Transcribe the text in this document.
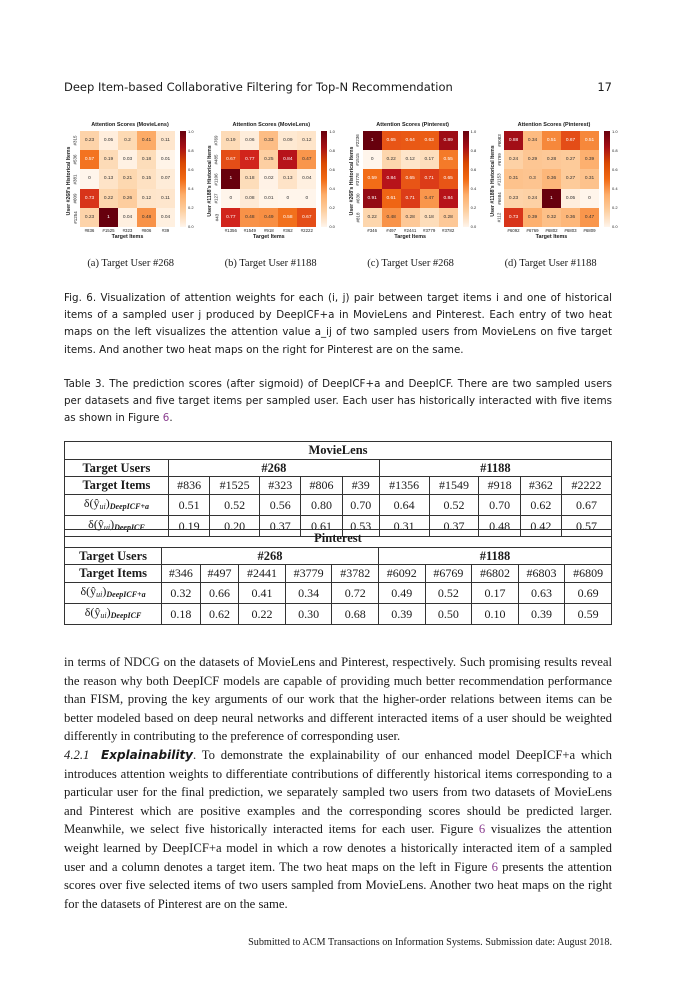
Deep Item-based Collaborative Filtering for Top-N Recommendation	17
Attention Scores (MovieLens)
User #268's Historical Items
#315
#536
#381
#609
#1254
0.23	0.05	0.2	0.41	0.11
0.57	0.19	0.03	0.18	0.01
0	0.13	0.21	0.15	0.07
0.73	0.22	0.26	0.12	0.11
0.23	1	0.04	0.48	0.04
#836	#1525	#323	#806	#39
Target Items
1.0
0.8
0.6
0.4
0.2
0.0
Attention Scores (MovieLens)
User #1188's Historical Items
#769
#485
#1106
#127
#43
0.19	0.06	0.33	0.09	0.12
0.67	0.77	0.25	0.84	0.47
1	0.18	0.02	0.13	0.04
0	0.08	0.01	0	0
0.77	0.48	0.49	0.58	0.67
#1356	#1549	#918	#362	#2222
Target Items
1.0
0.8
0.6
0.4
0.2
0.0
Attention Scores (Pinterest)
User #268's Historical Items
#2236
#1515
#3778
#630
#818
1	0.65	0.64	0.63	0.89
0	0.22	0.12	0.17	0.55
0.59	0.84	0.65	0.71	0.65
0.91	0.61	0.71	0.47	0.84
0.22	0.48	0.28	0.18	0.28
#346	#497	#2441	#3779	#3782
Target Items
1.0
0.8
0.6
0.4
0.2
0.0
Attention Scores (Pinterest)
User #1188's Historical Items
#6083
#6799
#1153
#6684
#112
0.88	0.34	0.51	0.67	0.51
0.24	0.29	0.28	0.27	0.39
0.31	0.3	0.36	0.27	0.31
0.23	0.24	1	0.05	0
0.73	0.39	0.32	0.36	0.47
#6092	#6769	#6802	#6803	#6809
Target Items
1.0
0.8
0.6
0.4
0.2
0.0
(a) Target User #268	(b) Target User #1188	(c) Target User #268	(d) Target User #1188
Fig. 6. Visualization of attention weights for each (i, j) pair between target items i and one of historical items of a sampled user j produced by DeepICF+a in MovieLens and Pinterest. Each entry of two heat maps on the left visualizes the attention value a_ij of two sampled users from MovieLens on five target items. And another two heat maps on the right for Pinterest are on the same.
Table 3. The prediction scores (after sigmoid) of DeepICF+a and DeepICF. There are two sampled users per datasets and five target items per sampled user. Each user has historically interacted with five items as shown in Figure 6.
MovieLens										
Target Users	#268					#1188				
Target Items	#836	#1525	#323	#806	#39	#1356	#1549	#918	#362	#2222
$\delta(ŷ_{ui})_{DeepICF+a}$	0.51	0.52	0.56	0.80	0.70	0.64	0.52	0.70	0.62	0.67
$\delta(ŷ_{ui})_{DeepICF}$	0.19	0.20	0.37	0.61	0.53	0.31	0.37	0.48	0.42	0.57
Pinterest										
Target Users	#268					#1188				
Target Items	#346	#497	#2441	#3779	#3782	#6092	#6769	#6802	#6803	#6809
$\delta(ŷ_{ui})_{DeepICF+a}$	0.32	0.66	0.41	0.34	0.72	0.49	0.52	0.17	0.63	0.69
$\delta(ŷ_{ui})_{DeepICF}$	0.18	0.62	0.22	0.30	0.68	0.39	0.50	0.10	0.39	0.59
in terms of NDCG on the datasets of MovieLens and Pinterest, respectively. Such promising results reveal the reason why both DeepICF models are capable of providing much better recommendation performance than FISM, proving the key arguments of our work that the higher-order relations between items can be better modeled based on deep neural networks and different interacted items of a user should be weighted differently in contributing to the preference of corresponding user.
4.2.1 Explainability. To demonstrate the explainability of our enhanced model DeepICF+a which introduces attention weights to differentiate contributions of differently historical items corresponding to a particular user for the final prediction, we separately sampled two users from two datasets of MovieLens and Pinterest which are positive examples and the corresponding scores should be predicted larger. Meanwhile, we select five historically interacted items for each user. Figure 6 visualizes the attention weight learned by DeepICF+a model in which a row denotes a historically interacted item of a sampled user and a column denotes a target item. The two heat maps on the left in Figure 6 presents the attention scores over five selected items of two users sampled from MovieLens. Another two heat maps on the right for the datasets of Pinterest are on the same.
Submitted to ACM Transactions on Information Systems. Submission date: August 2018.
